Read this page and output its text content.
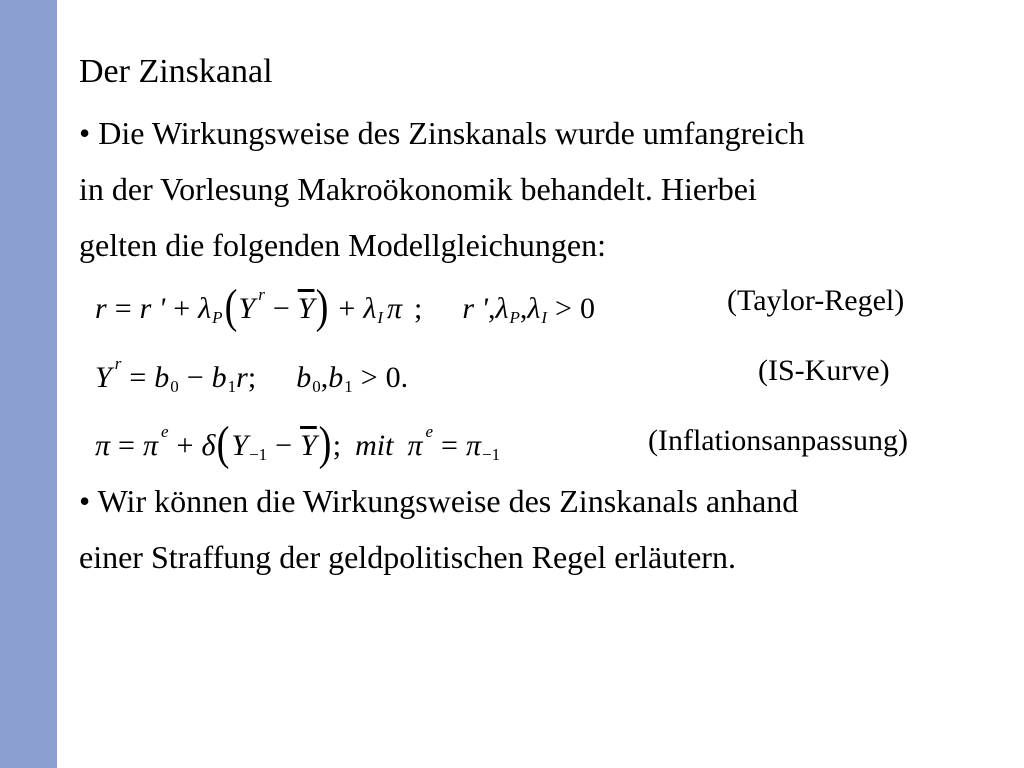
Der Zinskanal
• Die Wirkungsweise des Zinskanals wurde umfangreich
in der Vorlesung Makroökonomik behandelt. Hierbei
gelten die folgenden Modellgleichungen:
r = r ' + λ P ( Y $r - \overline{Y}$ ) + λ I π ; r ' , λ P , λ I > 0	(Taylor-Regel)
Y r = b 0 − b 1 r ; b 0 , b 1 > 0.	(IS-Kurve)
π = π e + δ ( $Y -1 - \overline{Y}$ ) ; mit π e = π −1	(Inflationsanpassung)
• Wir können die Wirkungsweise des Zinskanals anhand
einer Straffung der geldpolitischen Regel erläutern.
